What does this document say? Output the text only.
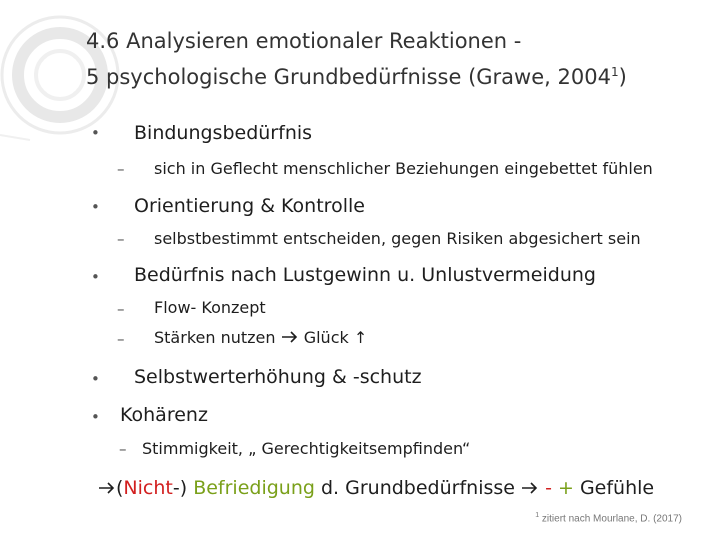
4.6 Analysieren emotionaler Reaktionen -
5 psychologische Grundbedürfnisse (Grawe, 2004$^1$)
• Bindungsbedürfnis
– sich in Geflecht menschlicher Beziehungen eingebettet fühlen
• Orientierung & Kontrolle
– selbstbestimmt entscheiden, gegen Risiken abgesichert sein
• Bedürfnis nach Lustgewinn u. Unlustvermeidung
– Flow- Konzept
– Stärken nutzen Glück ↑
• Selbstwerterhöhung & -schutz
• Kohärenz
– Stimmigkeit, „ Gerechtigkeitsempfinden“
(Nicht-) Befriedigung d. Grundbedürfnisse - + Gefühle
$^1$ zitiert nach Mourlane, D. (2017)
